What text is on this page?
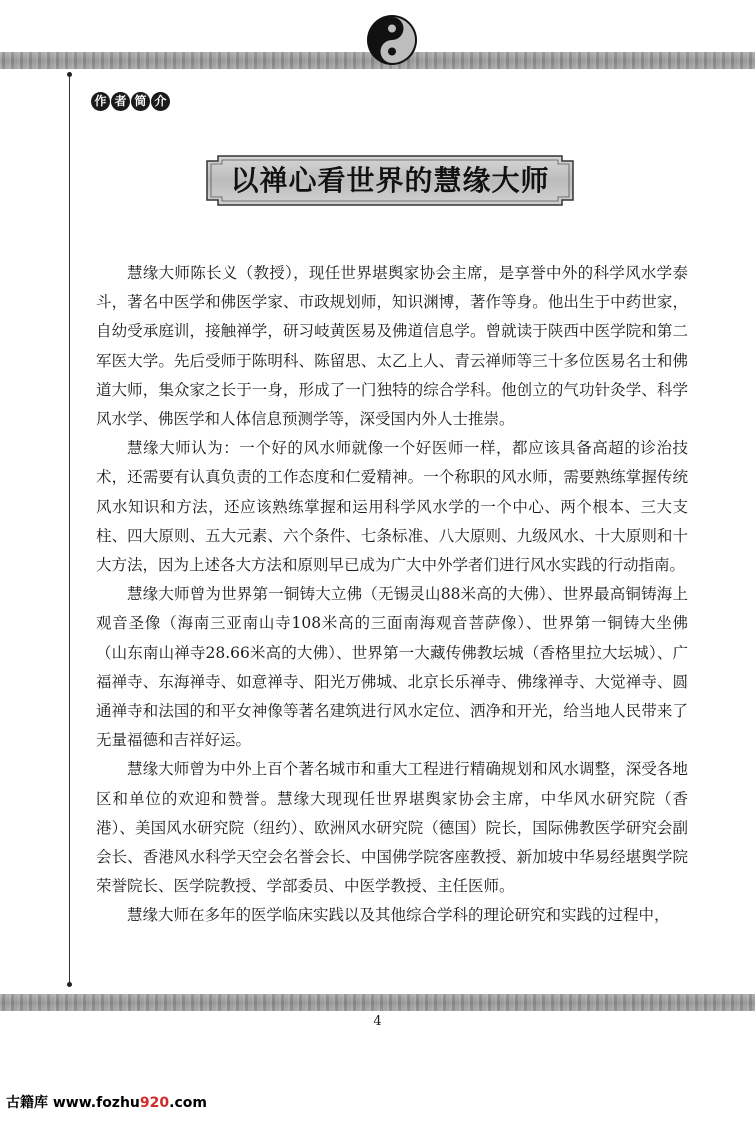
作 者 简 介
以禅心看世界的慧缘大师

慧缘大师陈长义（教授），现任世界堪舆家协会主席，是享誉中外的科学风水学泰斗，著名中医学和佛医学家、市政规划师，知识渊博，著作等身。他出生于中药世家，自幼受承庭训，接触禅学，研习岐黄医易及佛道信息学。曾就读于陕西中医学院和第二军医大学。先后受师于陈明科、陈留思、太乙上人、青云禅师等三十多位医易名士和佛道大师，集众家之长于一身，形成了一门独特的综合学科。他创立的气功针灸学、科学风水学、佛医学和人体信息预测学等，深受国内外人士推崇。

慧缘大师认为：一个好的风水师就像一个好医师一样，都应该具备高超的诊治技术，还需要有认真负责的工作态度和仁爱精神。一个称职的风水师，需要熟练掌握传统风水知识和方法，还应该熟练掌握和运用科学风水学的一个中心、两个根本、三大支柱、四大原则、五大元素、六个条件、七条标准、八大原则、九级风水、十大原则和十大方法，因为上述各大方法和原则早已成为广大中外学者们进行风水实践的行动指南。

慧缘大师曾为世界第一铜铸大立佛（无锡灵山88米高的大佛）、世界最高铜铸海上观音圣像（海南三亚南山寺108米高的三面南海观音菩萨像）、世界第一铜铸大坐佛（山东南山禅寺28.66米高的大佛）、世界第一大藏传佛教坛城（香格里拉大坛城）、广福禅寺、东海禅寺、如意禅寺、阳光万佛城、北京长乐禅寺、佛缘禅寺、大觉禅寺、圆通禅寺和法国的和平女神像等著名建筑进行风水定位、洒净和开光，给当地人民带来了无量福德和吉祥好运。

慧缘大师曾为中外上百个著名城市和重大工程进行精确规划和风水调整，深受各地区和单位的欢迎和赞誉。慧缘大现现任世界堪舆家协会主席，中华风水研究院（香港）、美国风水研究院（纽约）、欧洲风水研究院（德国）院长，国际佛教医学研究会副会长、香港风水科学天空会名誉会长、中国佛学院客座教授、新加坡中华易经堪舆学院荣誉院长、医学院教授、学部委员、中医学教授、主任医师。

慧缘大师在多年的医学临床实践以及其他综合学科的理论研究和实践的过程中，

4
古籍库 www.fozhu920.com
